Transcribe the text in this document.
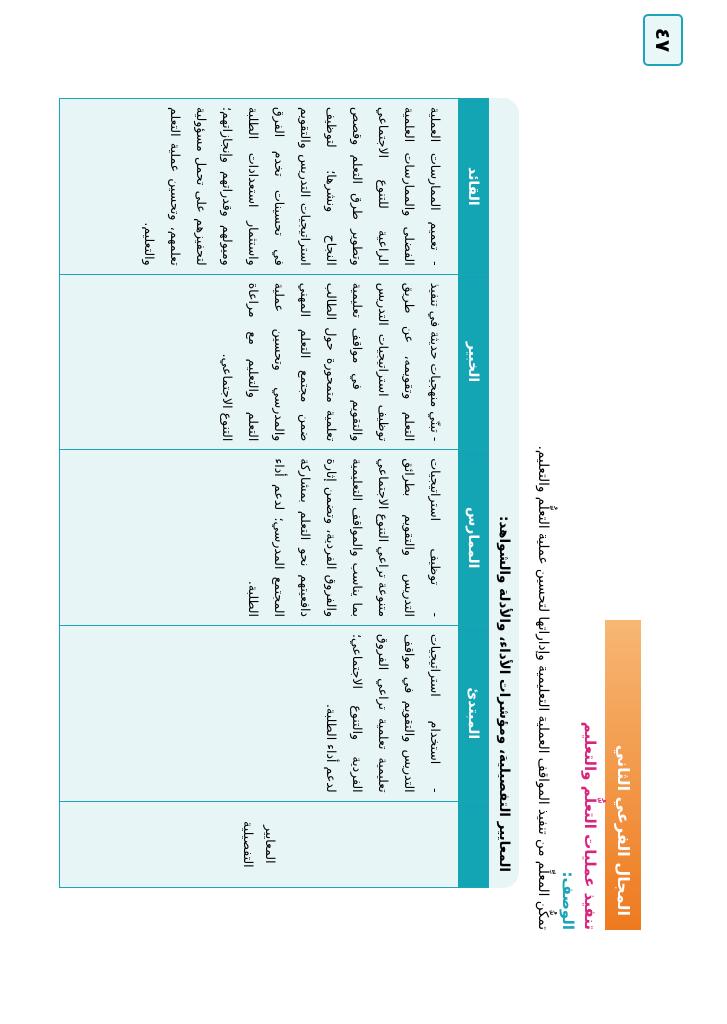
٤٧
المجال الفرعي الثاني
تنفيذ عمليات التعلُّم والتعليم
الوصف:
تمكُّن المعلِّم من تنفيذ المواقف العملية التعليمية وإداراتها لتحسين عملية التعلُّم والتعليم.
المعايير التفصيلية، ومؤشرات الأداء، والأدلة والشواهد:
المعايير التفصيلية
المبتدئ
- استخدام استراتيجيات التدريس والتقويم في مواقف تعليمية تعلمية تراعي الفروق الفردية والتنوع الاجتماعي؛ لدعم أداء الطلبة.
الممارس
- توظيف استراتيجيات التدريس والتقويم بطرائق متنوعة تراعي التنوع الاجتماعي بما يناسب والمواقف التعليمية والفروق الفردية، وتضمن إثارة دافعيتهم نحو التعلم بمشاركة المجتمع المدرسي؛ لدعم أداء الطلبة.
الخبير
- تبنّي منهجيات حديثة في تنفيذ التعلم وتقويمه، عن طريق توظيف استراتيجيات التدريس والتقويم في مواقف تعليمية تعلمية متمحورة حول الطالب ضمن مجتمع التعلم المهني والمدرسي وتحسين عملية التعلم والتعليم مع مراعاة التنوع الاجتماعي.
القائد
- تعميم الممارسات العملية الفضلى والممارسات العلمية الراعية للتنوع الاجتماعي وتطوير طرق التعلم وقصص النجاح ونشرها؛ لتوظيف استراتيجيات التدريس والتقويم في تحسينات تخدم الفرق واستثمار استعدادات الطلبة وميولهم وقدراتهم وإنجازاتهم؛ لتحفيزهم على تحمل مسؤولية تعلمهم، وتحسين عملية التعلم والتعليم.
